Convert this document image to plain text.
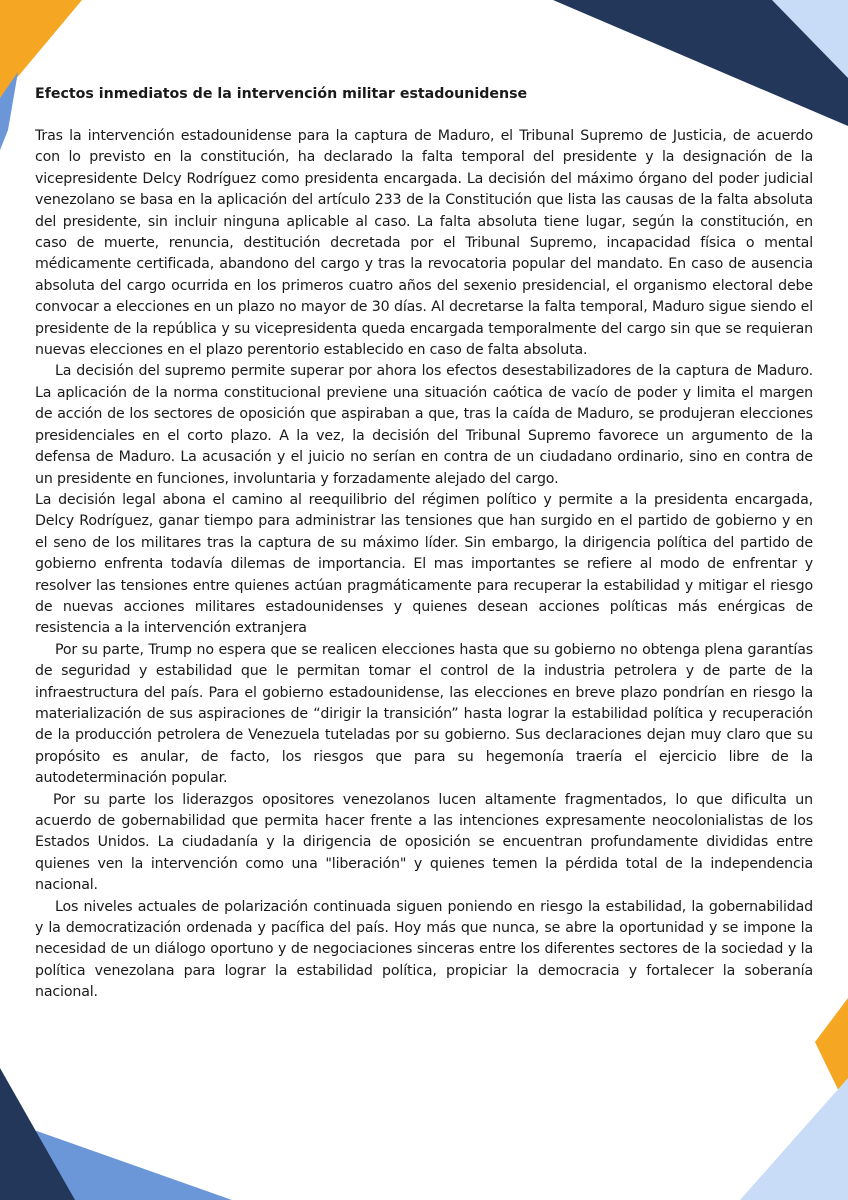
Efectos inmediatos de la intervención militar estadounidense

Tras la intervención estadounidense para la captura de Maduro, el Tribunal Supremo de Justicia, de acuerdo con lo previsto en la constitución, ha declarado la falta temporal del presidente y la designación de la vicepresidente Delcy Rodríguez como presidenta encargada. La decisión del máximo órgano del poder judicial venezolano se basa en la aplicación del artículo 233 de la Constitución que lista las causas de la falta absoluta del presidente, sin incluir ninguna aplicable al caso. La falta absoluta tiene lugar, según la constitución, en caso de muerte, renuncia, destitución decretada por el Tribunal Supremo, incapacidad física o mental médicamente certificada, abandono del cargo y tras la revocatoria popular del mandato. En caso de ausencia absoluta del cargo ocurrida en los primeros cuatro años del sexenio presidencial, el organismo electoral debe convocar a elecciones en un plazo no mayor de 30 días. Al decretarse la falta temporal, Maduro sigue siendo el presidente de la república y su vicepresidenta queda encargada temporalmente del cargo sin que se requieran nuevas elecciones en el plazo perentorio establecido en caso de falta absoluta.

La decisión del supremo permite superar por ahora los efectos desestabilizadores de la captura de Maduro. La aplicación de la norma constitucional previene una situación caótica de vacío de poder y limita el margen de acción de los sectores de oposición que aspiraban a que, tras la caída de Maduro, se produjeran elecciones presidenciales en el corto plazo. A la vez, la decisión del Tribunal Supremo favorece un argumento de la defensa de Maduro. La acusación y el juicio no serían en contra de un ciudadano ordinario, sino en contra de un presidente en funciones, involuntaria y forzadamente alejado del cargo.

La decisión legal abona el camino al reequilibrio del régimen político y permite a la presidenta encargada, Delcy Rodríguez, ganar tiempo para administrar las tensiones que han surgido en el partido de gobierno y en el seno de los militares tras la captura de su máximo líder. Sin embargo, la dirigencia política del partido de gobierno enfrenta todavía dilemas de importancia. El mas importantes se refiere al modo de enfrentar y resolver las tensiones entre quienes actúan pragmáticamente para recuperar la estabilidad y mitigar el riesgo de nuevas acciones militares estadounidenses y quienes desean acciones políticas más enérgicas de resistencia a la intervención extranjera

Por su parte, Trump no espera que se realicen elecciones hasta que su gobierno no obtenga plena garantías de seguridad y estabilidad que le permitan tomar el control de la industria petrolera y de parte de la infraestructura del país. Para el gobierno estadounidense, las elecciones en breve plazo pondrían en riesgo la materialización de sus aspiraciones de “dirigir la transición” hasta lograr la estabilidad política y recuperación de la producción petrolera de Venezuela tuteladas por su gobierno. Sus declaraciones dejan muy claro que su propósito es anular, de facto, los riesgos que para su hegemonía traería el ejercicio libre de la autodeterminación popular.

Por su parte los liderazgos opositores venezolanos lucen altamente fragmentados, lo que dificulta un acuerdo de gobernabilidad que permita hacer frente a las intenciones expresamente neocolonialistas de los Estados Unidos. La ciudadanía y la dirigencia de oposición se encuentran profundamente divididas entre quienes ven la intervención como una "liberación" y quienes temen la pérdida total de la independencia nacional.

Los niveles actuales de polarización continuada siguen poniendo en riesgo la estabilidad, la gobernabilidad y la democratización ordenada y pacífica del país. Hoy más que nunca, se abre la oportunidad y se impone la necesidad de un diálogo oportuno y de negociaciones sinceras entre los diferentes sectores de la sociedad y la política venezolana para lograr la estabilidad política, propiciar la democracia y fortalecer la soberanía nacional.
